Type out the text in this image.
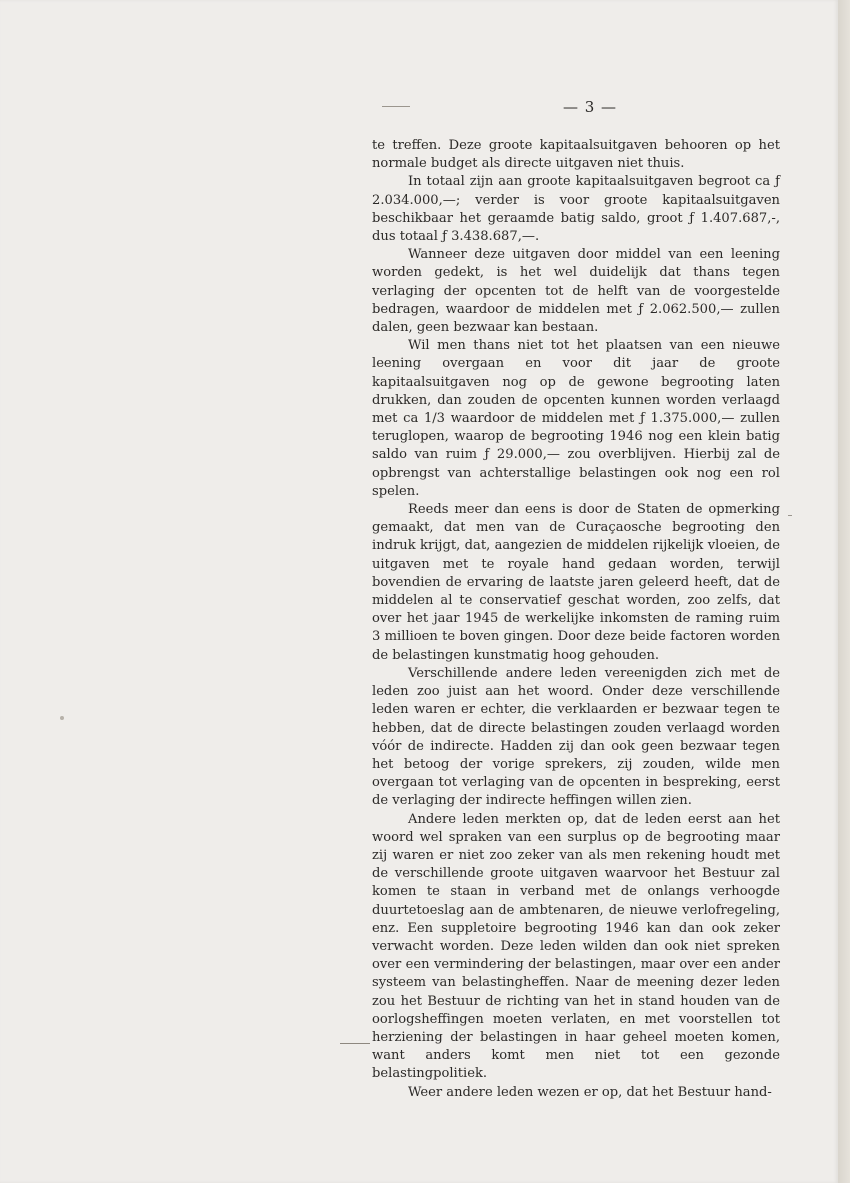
— 3 —

te treffen. Deze groote kapitaalsuitgaven behooren op het normale budget als directe uitgaven niet thuis.

In totaal zijn aan groote kapitaalsuitgaven begroot ca ƒ 2.034.000,—; verder is voor groote kapitaalsuitgaven beschikbaar het geraamde batig saldo, groot ƒ 1.407.687,-, dus totaal ƒ 3.438.687,—.

Wanneer deze uitgaven door middel van een leening worden gedekt, is het wel duidelijk dat thans tegen verlaging der opcenten tot de helft van de voorgestelde bedragen, waardoor de middelen met ƒ 2.062.500,— zullen dalen, geen bezwaar kan bestaan.

Wil men thans niet tot het plaatsen van een nieuwe leening overgaan en voor dit jaar de groote kapitaalsuitgaven nog op de gewone begrooting laten drukken, dan zouden de opcenten kunnen worden verlaagd met ca 1/3 waardoor de middelen met ƒ 1.375.000,— zullen teruglopen, waarop de begrooting 1946 nog een klein batig saldo van ruim ƒ 29.000,— zou overblijven. Hierbij zal de opbrengst van achterstallige belastingen ook nog een rol spelen.

Reeds meer dan eens is door de Staten de opmerking gemaakt, dat men van de Curaçaosche begrooting den indruk krijgt, dat, aangezien de middelen rijkelijk vloeien, de uitgaven met te royale hand gedaan worden, terwijl bovendien de ervaring de laatste jaren geleerd heeft, dat de middelen al te conservatief geschat worden, zoo zelfs, dat over het jaar 1945 de werkelijke inkomsten de raming ruim 3 millioen te boven gingen. Door deze beide factoren worden de belastingen kunstmatig hoog gehouden.

Verschillende andere leden vereenigden zich met de leden zoo juist aan het woord. Onder deze verschillende leden waren er echter, die verklaarden er bezwaar tegen te hebben, dat de directe belastingen zouden verlaagd worden vóór de indirecte. Hadden zij dan ook geen bezwaar tegen het betoog der vorige sprekers, zij zouden, wilde men overgaan tot verlaging van de opcenten in bespreking, eerst de verlaging der indirecte heffingen willen zien.

Andere leden merkten op, dat de leden eerst aan het woord wel spraken van een surplus op de begrooting maar zij waren er niet zoo zeker van als men rekening houdt met de verschillende groote uitgaven waarvoor het Bestuur zal komen te staan in verband met de onlangs verhoogde duurtetoeslag aan de ambtenaren, de nieuwe verlofregeling, enz. Een suppletoire begrooting 1946 kan dan ook zeker verwacht worden. Deze leden wilden dan ook niet spreken over een vermindering der belastingen, maar over een ander systeem van belastingheffen. Naar de meening dezer leden zou het Bestuur de richting van het in stand houden van de oorlogsheffingen moeten verlaten, en met voorstellen tot herziening der belastingen in haar geheel moeten komen, want anders komt men niet tot een gezonde belastingpolitiek.

Weer andere leden wezen er op, dat het Bestuur hand-
